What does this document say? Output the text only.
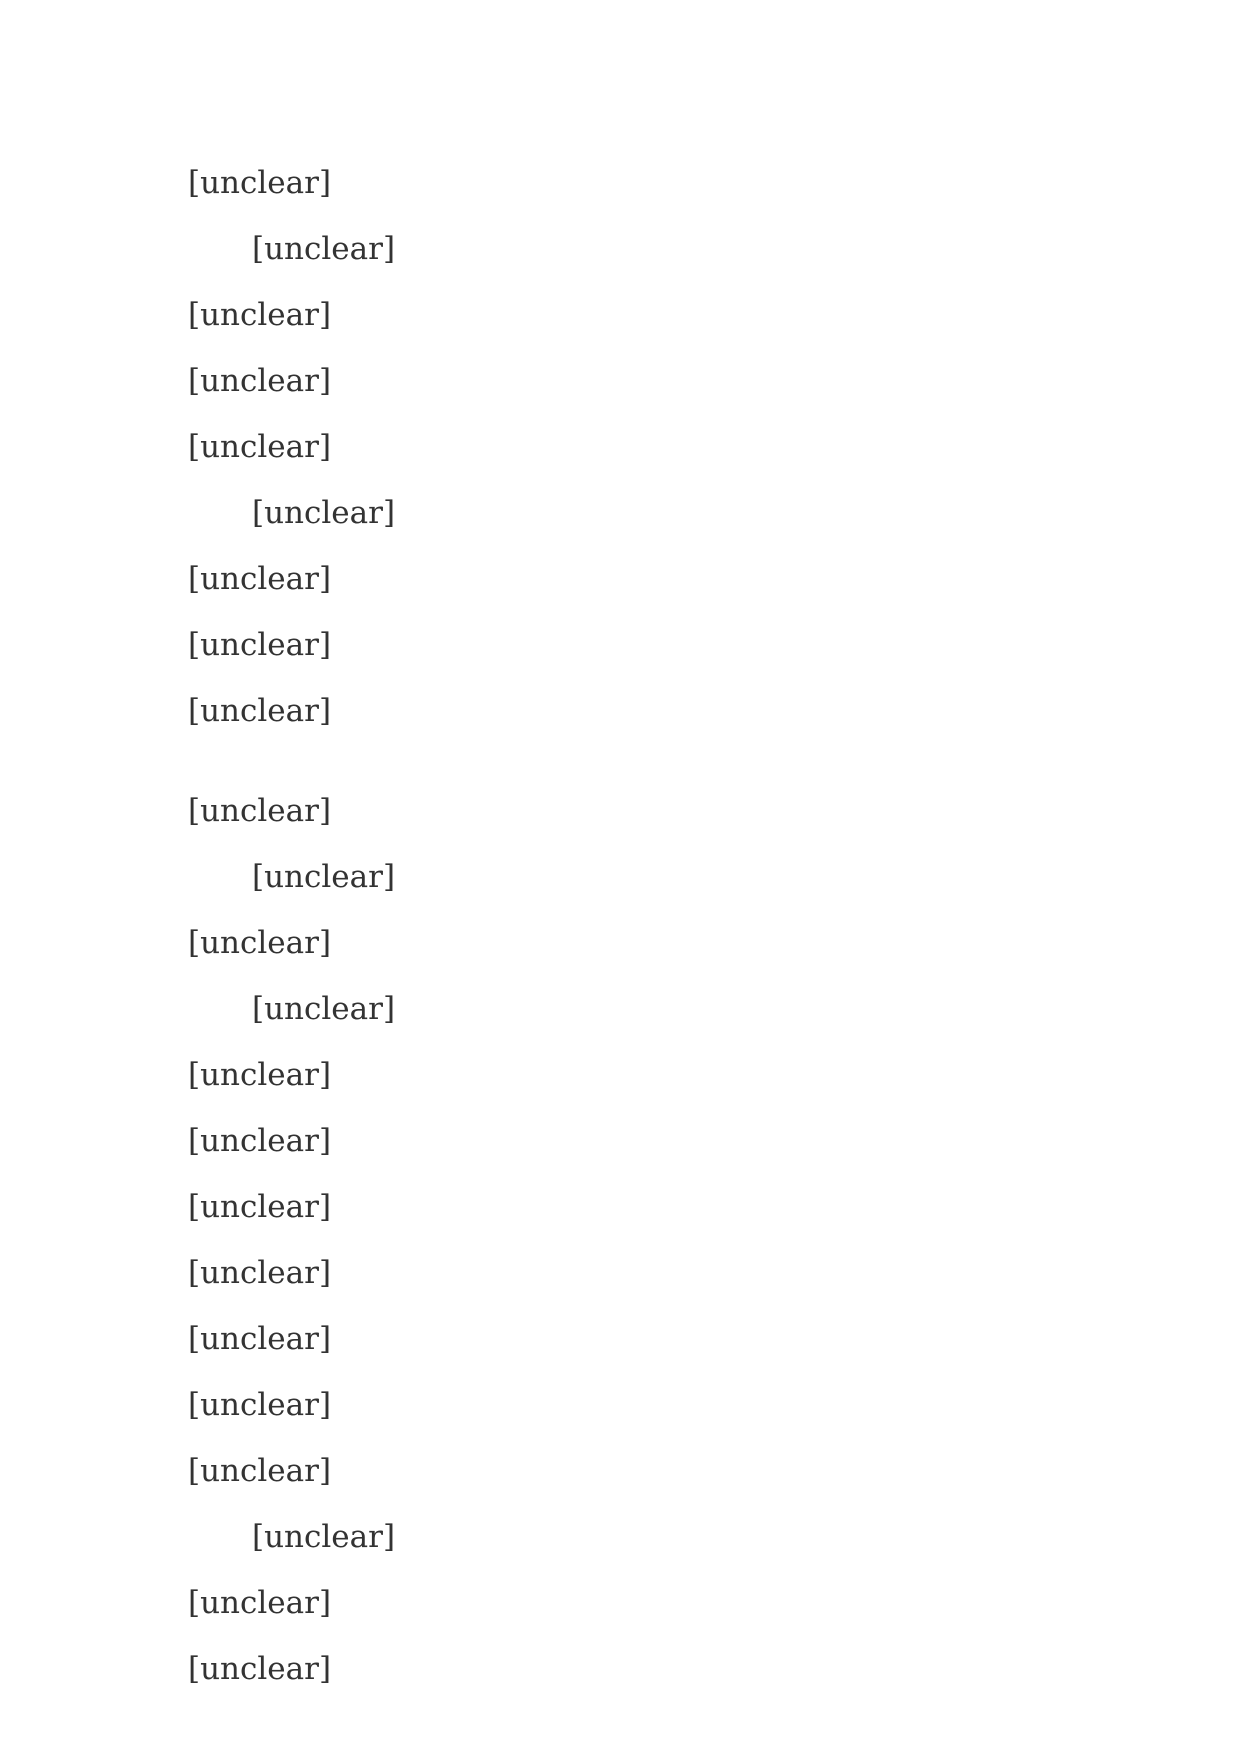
[unclear]
[unclear]
[unclear]
[unclear]
[unclear]
[unclear]
[unclear]
[unclear]
[unclear]
[unclear]
[unclear]
[unclear]
[unclear]
[unclear]
[unclear]
[unclear]
[unclear]
[unclear]
[unclear]
[unclear]
[unclear]
[unclear]
[unclear]
